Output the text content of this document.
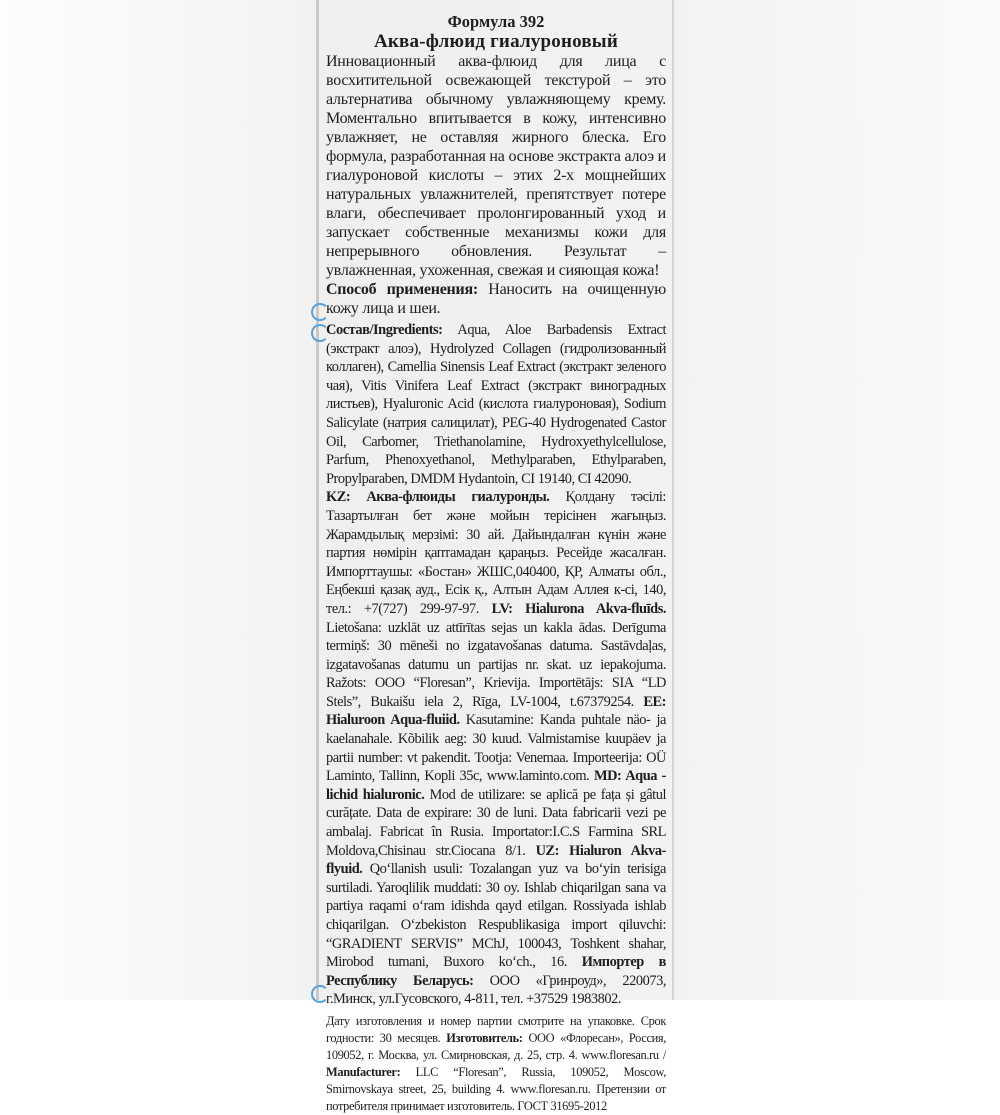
Формула 392
Аква-флюид гиалуроновый

Инновационный аква-флюид для лица с восхитительной освежающей текстурой – это альтернатива обычному увлажняющему крему. Моментально впитывается в кожу, интенсивно увлажняет, не оставляя жирного блеска. Его формула, разработанная на основе экстракта алоэ и гиалуроновой кислоты – этих 2-х мощнейших натуральных увлажнителей, препятствует потере влаги, обеспечивает пролонгированный уход и запускает собственные механизмы кожи для непрерывного обновления. Результат – увлажненная, ухоженная, свежая и сияющая кожа!

Способ применения: Наносить на очищенную кожу лица и шеи.

Состав/Ingredients: Aqua, Aloe Barbadensis Extract (экстракт алоэ), Hydrolyzed Collagen (гидролизованный коллаген), Camellia Sinensis Leaf Extract (экстракт зеленого чая), Vitis Vinifera Leaf Extract (экстракт виноградных листьев), Hyaluronic Acid (кислота гиалуроновая), Sodium Salicylate (натрия салицилат), PEG-40 Hydrogenated Castor Oil, Carbomer, Triethanolamine, Hydroxyethylcellulose, Parfum, Phenoxyethanol, Methylparaben, Ethylparaben, Propylparaben, DMDM Hydantoin, CI 19140, CI 42090.

KZ: Аква-флюиды гиалуронды. Қолдану тәсілі: Тазартылған бет және мойын терісінен жағыңыз. Жарамдылық мерзімі: 30 ай. Дайындалған күнін және партия нөмірін қаптамадан қараңыз. Ресейде жасалған. Импорттаушы: «Бостан» ЖШС,040400, ҚР, Алматы обл., Еңбекші қазақ ауд., Есік қ., Алтын Адам Аллея к-сі, 140, тел.: +7(727) 299-97-97. LV: Hialurona Akva-fluīds. Lietošana: uzklāt uz attīrītas sejas un kakla ādas. Derīguma termiņš: 30 mēneši no izgatavošanas datuma. Sastāvdaļas, izgatavošanas datumu un partijas nr. skat. uz iepakojuma. Ražots: OOO “Floresan”, Krievija. Importētājs: SIA “LD Stels”, Bukaišu iela 2, Rīga, LV-1004, t.67379254. EE: Hialuroon Aqua-fluiid. Kasutamine: Kanda puhtale näo- ja kaelanahale. Kõbilik aeg: 30 kuud. Valmistamise kuupäev ja partii number: vt pakendit. Tootja: Venemaa. Importeerija: OÜ Laminto, Tallinn, Kopli 35c, www.laminto.com. MD: Aqua - lichid hialuronic. Mod de utilizare: se aplică pe fața și gâtul curățate. Data de expirare: 30 de luni. Data fabricarii vezi pe ambalaj. Fabricat în Rusia. Importator:I.C.S Farmina SRL Moldova,Chisinau str.Ciocana 8/1. UZ: Hialuron Akva-flyuid. Qo‘llanish usuli: Tozalangan yuz va bo‘yin terisiga surtiladi. Yaroqlilik muddati: 30 oy. Ishlab chiqarilgan sana va partiya raqami o‘ram idishda qayd etilgan. Rossiyada ishlab chiqarilgan. O‘zbekiston Respublikasiga import qiluvchi: “GRADIENT SERVIS” MChJ, 100043, Toshkent shahar, Mirobod tumani, Buxoro ko‘ch., 16. Импортер в Республику Беларусь: ООО «Гринроуд», 220073, г.Минск, ул.Гусовского, 4-811, тел. +37529 1983802.

Дату изготовления и номер партии смотрите на упаковке. Срок годности: 30 месяцев. Изготовитель: ООО «Флоресан», Россия, 109052, г. Москва, ул. Смирновская, д. 25, стр. 4. www.floresan.ru / Manufacturer: LLC “Floresan”, Russia, 109052, Moscow, Smirnovskaya street, 25, building 4. www.floresan.ru. Претензии от потребителя принимает изготовитель. ГОСТ 31695-2012
